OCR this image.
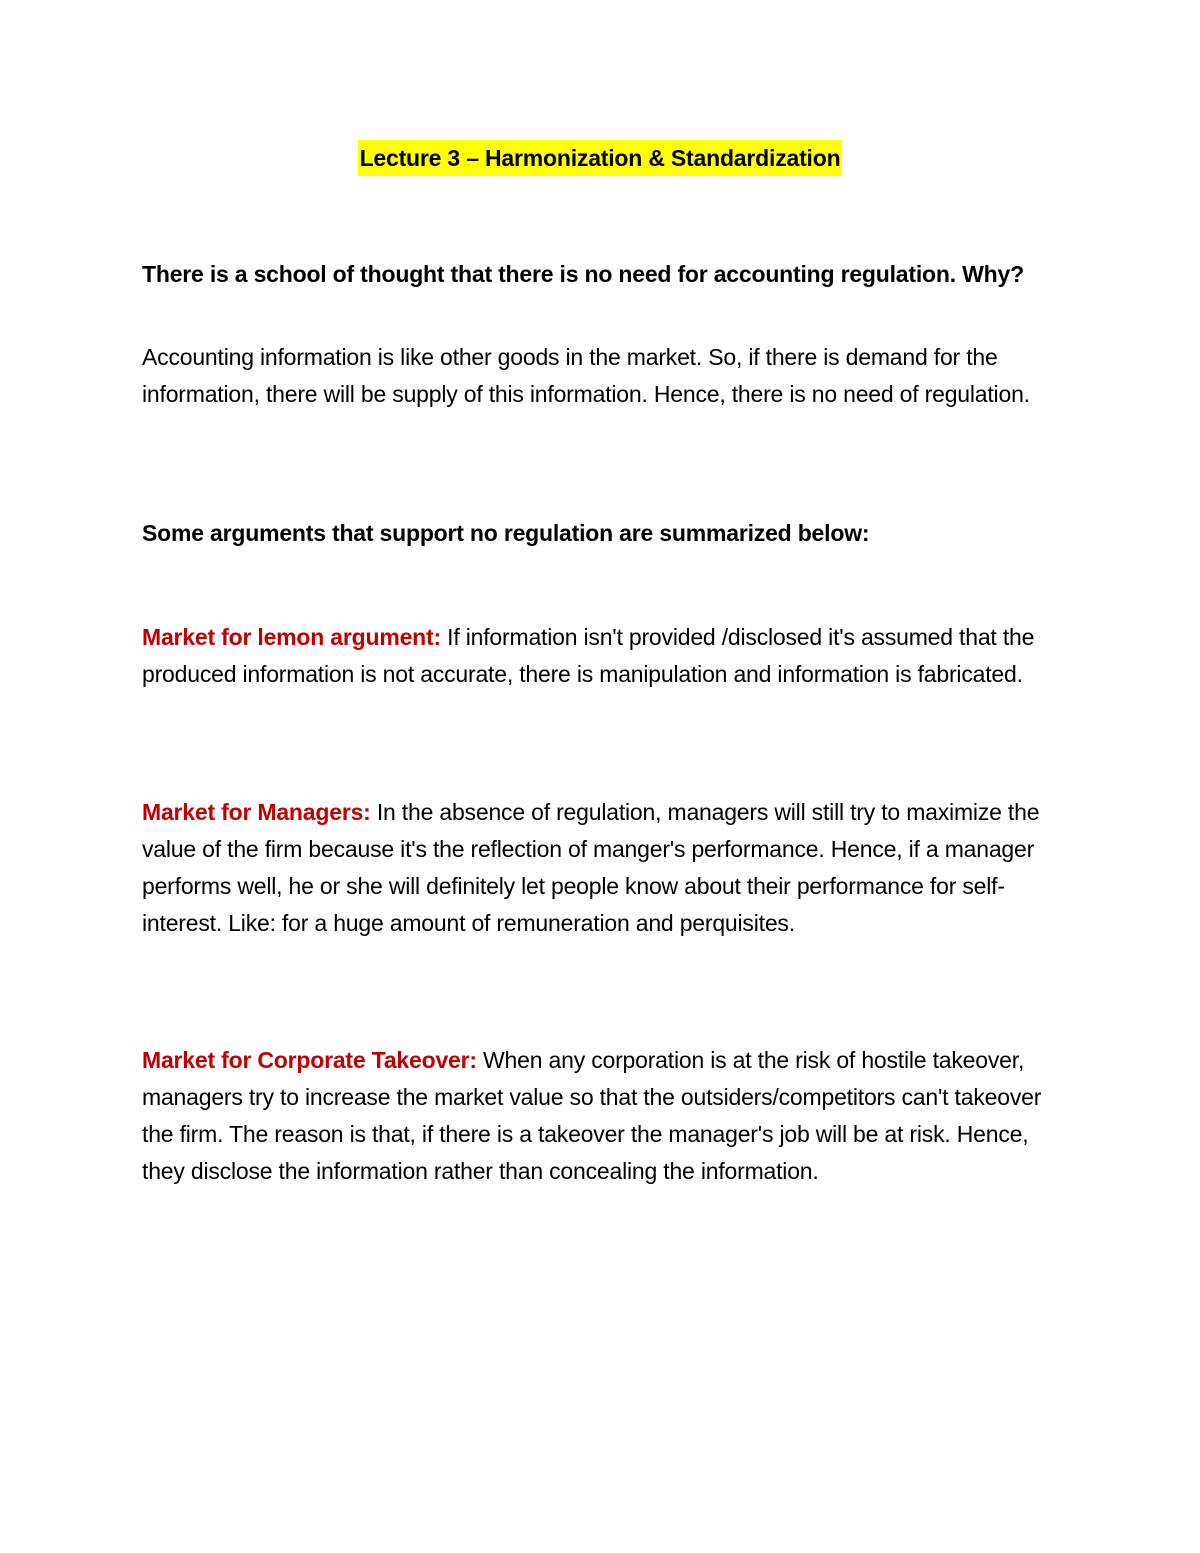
Lecture 3 – Harmonization & Standardization
There is a school of thought that there is no need for accounting regulation. Why?
Accounting information is like other goods in the market. So, if there is demand for the information, there will be supply of this information. Hence, there is no need of regulation.
Some arguments that support no regulation are summarized below:
Market for lemon argument: If information isn't provided /disclosed it's assumed that the produced information is not accurate, there is manipulation and information is fabricated.
Market for Managers: In the absence of regulation, managers will still try to maximize the value of the firm because it's the reflection of manger's performance. Hence, if a manager performs well, he or she will definitely let people know about their performance for self-interest. Like: for a huge amount of remuneration and perquisites.
Market for Corporate Takeover: When any corporation is at the risk of hostile takeover, managers try to increase the market value so that the outsiders/competitors can't takeover the firm. The reason is that, if there is a takeover the manager's job will be at risk. Hence, they disclose the information rather than concealing the information.
